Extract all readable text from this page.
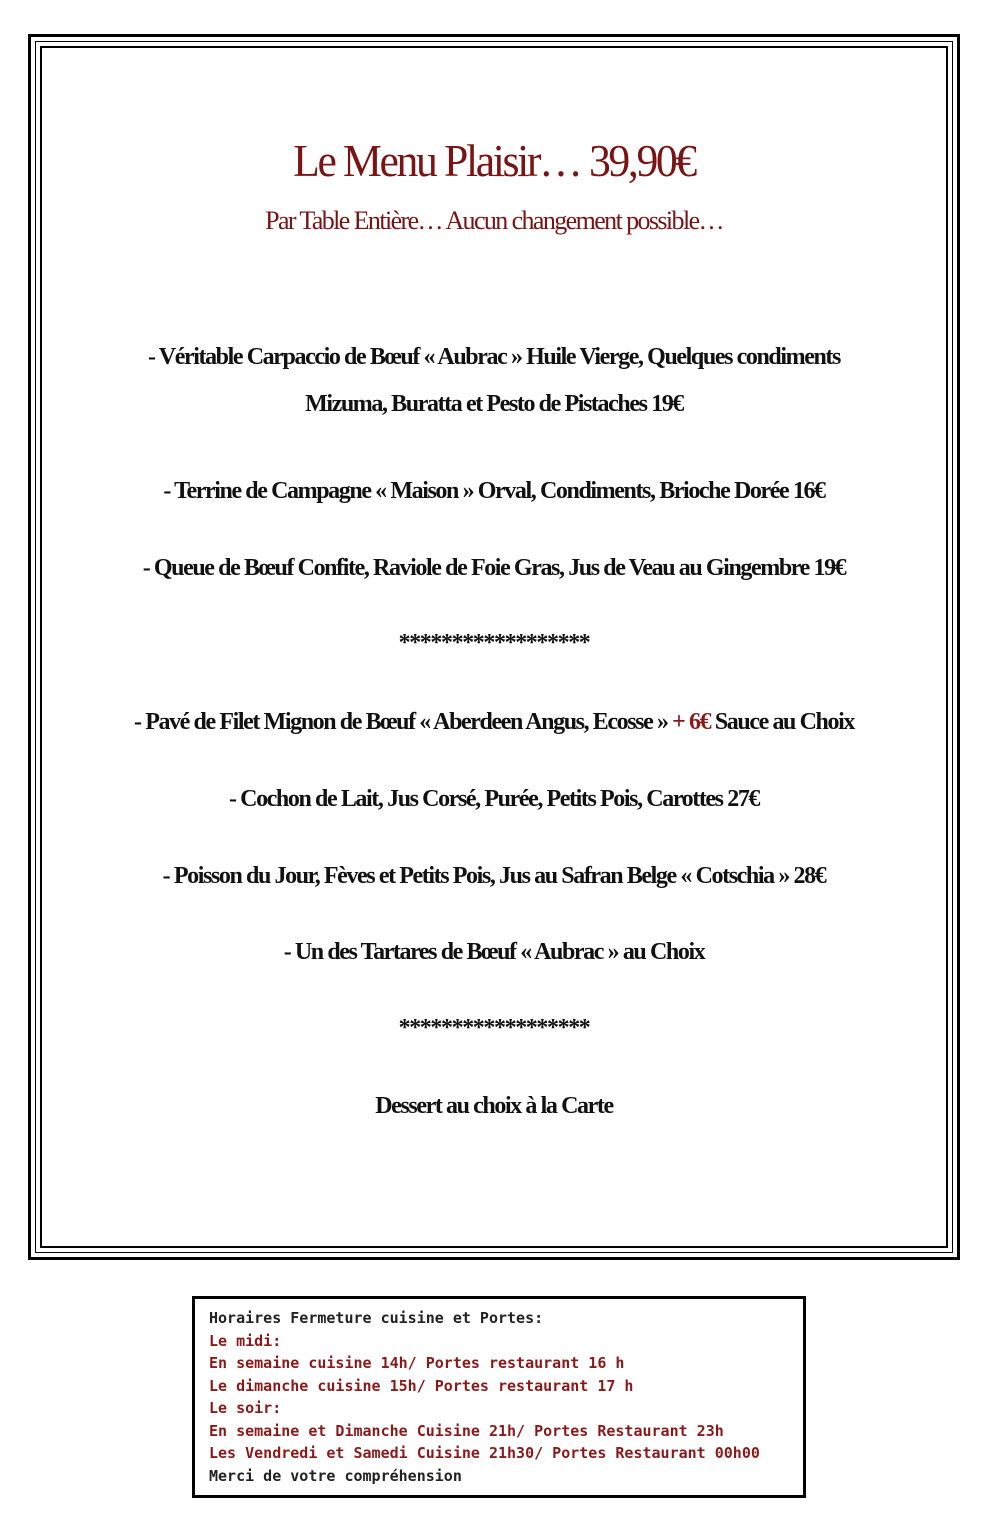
Le Menu Plaisir… 39,90€
Par Table Entière… Aucun changement possible…
- Véritable Carpaccio de Bœuf « Aubrac » Huile Vierge, Quelques condiments
Mizuma, Buratta et Pesto de Pistaches 19€
- Terrine de Campagne « Maison » Orval, Condiments, Brioche Dorée 16€
- Queue de Bœuf Confite, Raviole de Foie Gras, Jus de Veau au Gingembre 19€
******************
- Pavé de Filet Mignon de Bœuf « Aberdeen Angus, Ecosse » + 6€ Sauce au Choix
- Cochon de Lait, Jus Corsé, Purée, Petits Pois, Carottes 27€
- Poisson du Jour, Fèves et Petits Pois, Jus au Safran Belge « Cotschia » 28€
- Un des Tartares de Bœuf « Aubrac » au Choix
******************
Dessert au choix à la Carte
Horaires Fermeture cuisine et Portes:
Le midi:
En semaine cuisine 14h/ Portes restaurant 16 h
Le dimanche cuisine 15h/ Portes restaurant 17 h
Le soir:
En semaine et Dimanche Cuisine 21h/ Portes Restaurant 23h
Les Vendredi et Samedi Cuisine 21h30/ Portes Restaurant 00h00
Merci de votre compréhension
